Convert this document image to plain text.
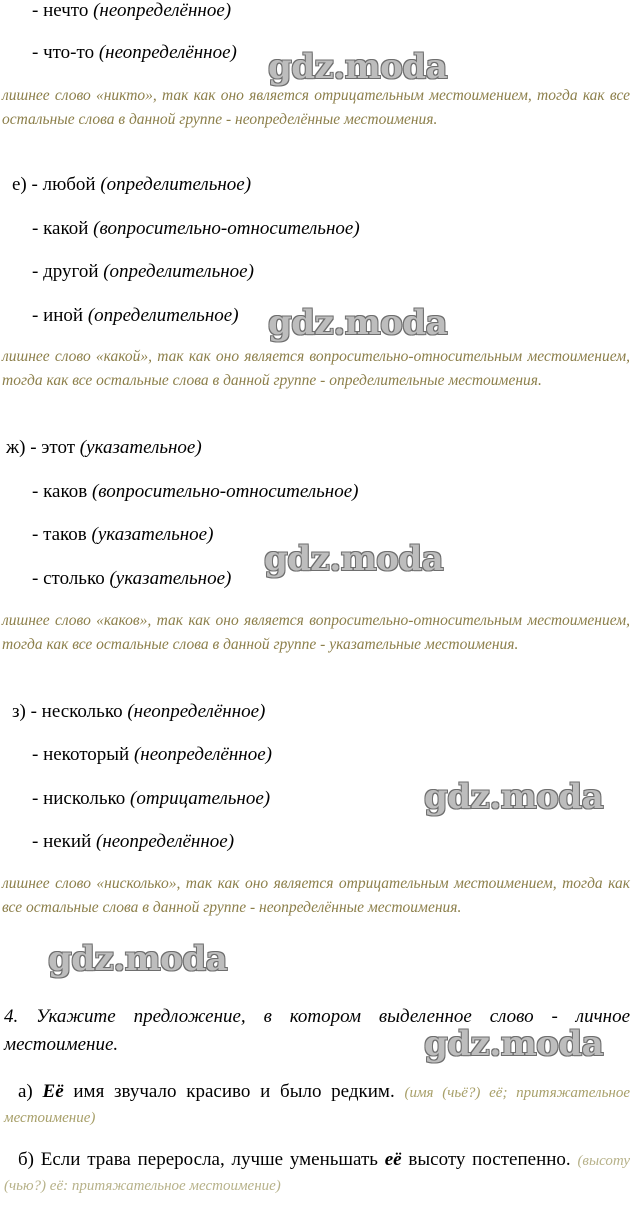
- нечто (неопределённое)
- что-то (неопределённое) gdz.moda
лишнее слово «никто», так как оно является отрицательным местоимением, тогда как все остальные слова в данной группе - неопределённые местоимения.
е) - любой (определительное)
- какой (вопросительно-относительное)
- другой (определительное)
- иной (определительное) gdz.moda
лишнее слово «какой», так как оно является вопросительно-относительным местоимением, тогда как все остальные слова в данной группе - определительные местоимения.
ж) - этот (указательное)
- каков (вопросительно-относительное)
- таков (указательное)
- столько (указательное) gdz.moda
лишнее слово «каков», так как оно является вопросительно-относительным местоимением, тогда как все остальные слова в данной группе - указательные местоимения.
з) - несколько (неопределённое)
- некоторый (неопределённое)
- нисколько (отрицательное)
- некий (неопределённое)
gdz.moda
лишнее слово «нисколько», так как оно является отрицательным местоимением, тогда как все остальные слова в данной группе - неопределённые местоимения.
gdz.moda
4. Укажите предложение, в котором выделенное слово - личное местоимение.	gdz.moda
а) Её имя звучало красиво и было редким. (имя (чьё?) её; притяжательное местоимение)
б) Если трава переросла, лучше уменьшать её высоту постепенно. (высоту (чью?) её: притяжательное местоимение)
